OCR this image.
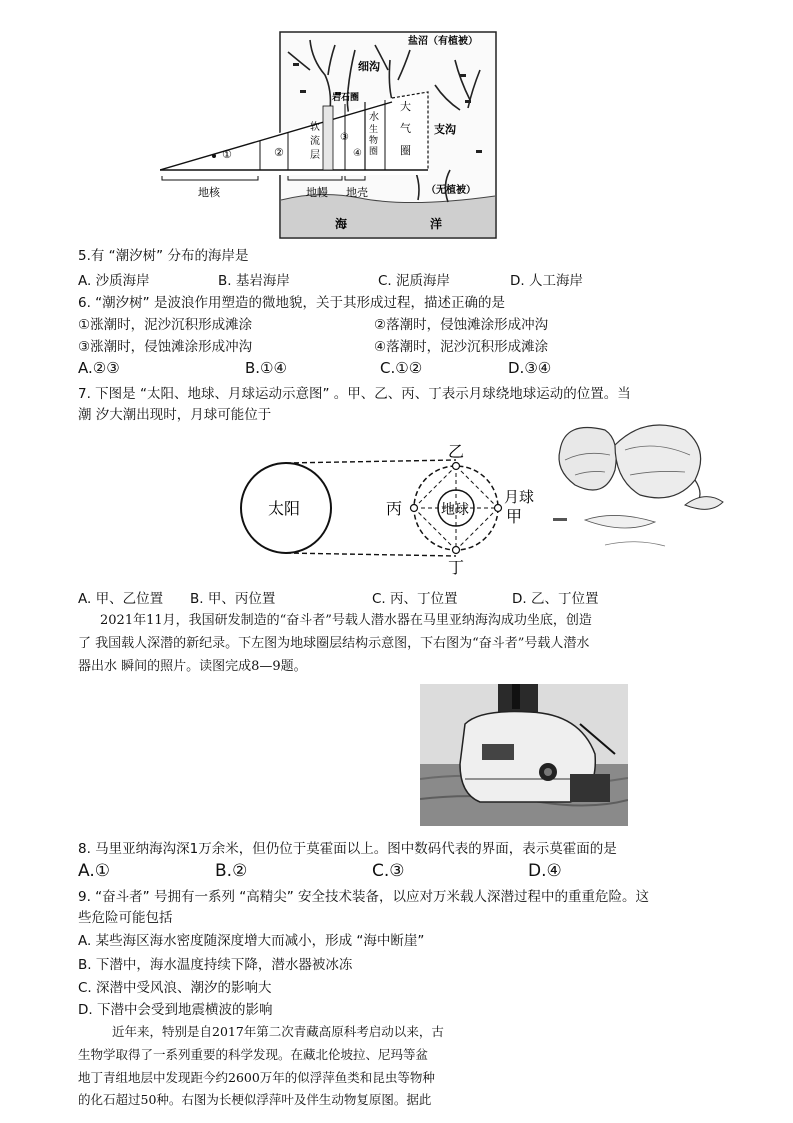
盐沼（有植被）
细沟
支沟
（无植被）
海	洋
①	②
③
④
岩石圈
软
流
层
水
生
物
圈
大
气
圈
地核	地幔 地壳
5.有 “潮汐树” 分布的海岸是
A. 沙质海岸	B. 基岩海岸	C. 泥质海岸	D. 人工海岸
6. “潮汐树” 是波浪作用塑造的微地貌，关于其形成过程，描述正确的是
①涨潮时，泥沙沉积形成滩涂	②落潮时，侵蚀滩涂形成冲沟
③涨潮时，侵蚀滩涂形成冲沟	④落潮时，泥沙沉积形成滩涂
A.②③	B.①④	C.①②	D.③④
7. 下图是 “太阳、地球、月球运动示意图” 。甲、乙、丙、丁表示月球绕地球运动的位置。当
潮 汐大潮出现时，月球可能位于
太阳	地球
乙
月球
甲
丙
丁
A. 甲、乙位置 B. 甲、丙位置	C. 丙、丁位置	D. 乙、丁位置
2021年11月，我国研发制造的“奋斗者”号载人潜水器在马里亚纳海沟成功坐底，创造
了 我国载人深潜的新纪录。下左图为地球圈层结构示意图，下右图为“奋斗者”号载人潜水
器出水 瞬间的照片。读图完成8—9题。
8. 马里亚纳海沟深1万余米，但仍位于莫霍面以上。图中数码代表的界面，表示莫霍面的是
A.①	B.②	C.③	D.④
9. “奋斗者” 号拥有一系列 “高精尖” 安全技术装备，以应对万米载人深潜过程中的重重危险。这
些危险可能包括
A. 某些海区海水密度随深度增大而减小，形成 “海中断崖”
B. 下潜中，海水温度持续下降，潜水器被冰冻
C. 深潜中受风浪、潮汐的影响大
D. 下潜中会受到地震横波的影响
近年来，特别是自2017年第二次青藏高原科考启动以来，古
生物学取得了一系列重要的科学发现。在藏北伦坡拉、尼玛等盆
地丁青组地层中发现距今约2600万年的似浮萍鱼类和昆虫等物种
的化石超过50种。右图为长梗似浮萍叶及伴生动物复原图。据此
